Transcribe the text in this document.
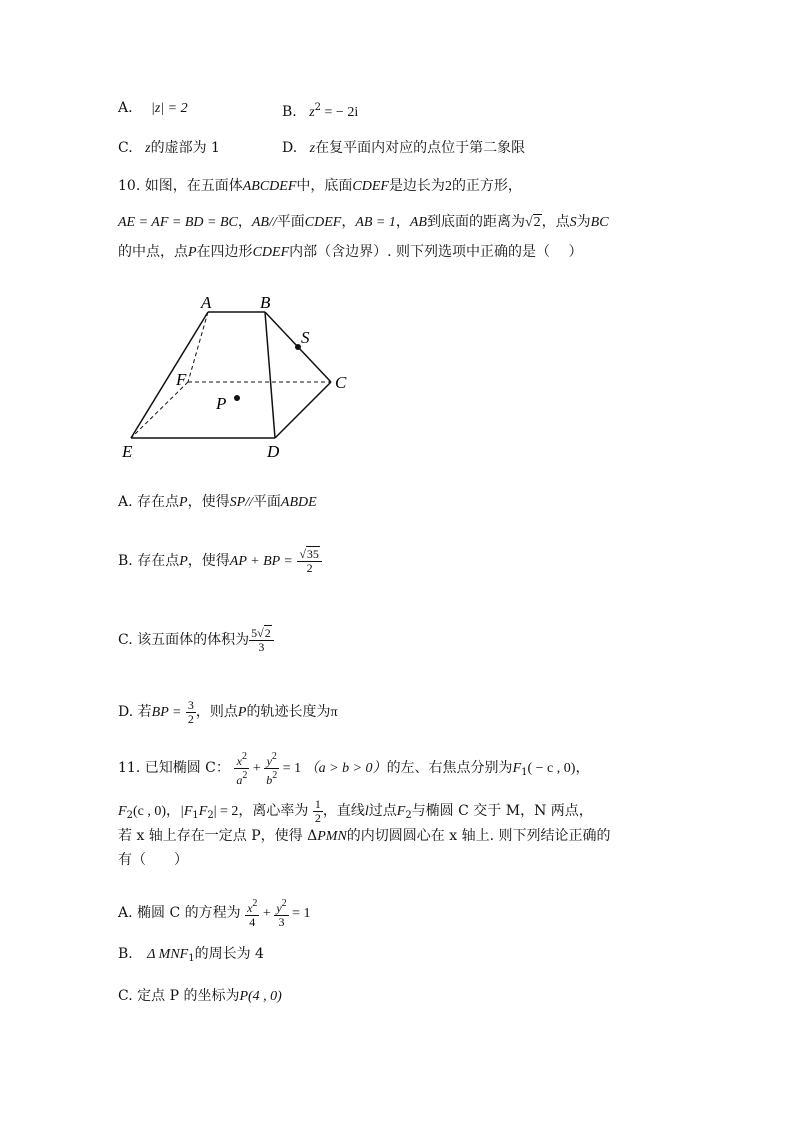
A. |z| = 2	B. $z^2$ = − 2i
C. z的虚部为 1	D. z在复平面内对应的点位于第二象限
10. 如图，在五面体ABCDEF中，底面CDEF是边长为2的正方形，
AE = AF = BD = BC，AB//平面CDEF，AB = 1，AB到底面的距离为√2，点S为BC
的中点，点P在四边形CDEF内部（含边界）. 则下列选项中正确的是（　 ）
A	B
S
F	C
P
E	D
A. 存在点P，使得SP//平面ABDE
B. 存在点P，使得AP + BP = $\frac{√35}{2}$
C. 该五面体的体积为 $\frac{5√2}{3}$
D. 若BP = $\frac{3}{2}$ ，则点P的轨迹长度为π
11. 已知椭圆 C： $\frac{x^2}{a^2} + \frac{y^2}{b^2} = 1$ （a > b > 0）的左、右焦点分别为$F_1( - c$ , 0)，
$F_2(c$ , 0)，$|F_1F_2| = 2$，离心率为 $\frac{1}{2}$ ，直线l过点$F_2$与椭圆 C 交于 M，N 两点，
若 x 轴上存在一定点 P，使得 ΔPMN的内切圆圆心在 x 轴上. 则下列结论正确的
有（　　）
A. 椭圆 C 的方程为 $\frac{x^2}{4} + \frac{y^2}{3} = 1$
B. Δ $MNF_1$的周长为 4
C. 定点 P 的坐标为P(4 , 0)
